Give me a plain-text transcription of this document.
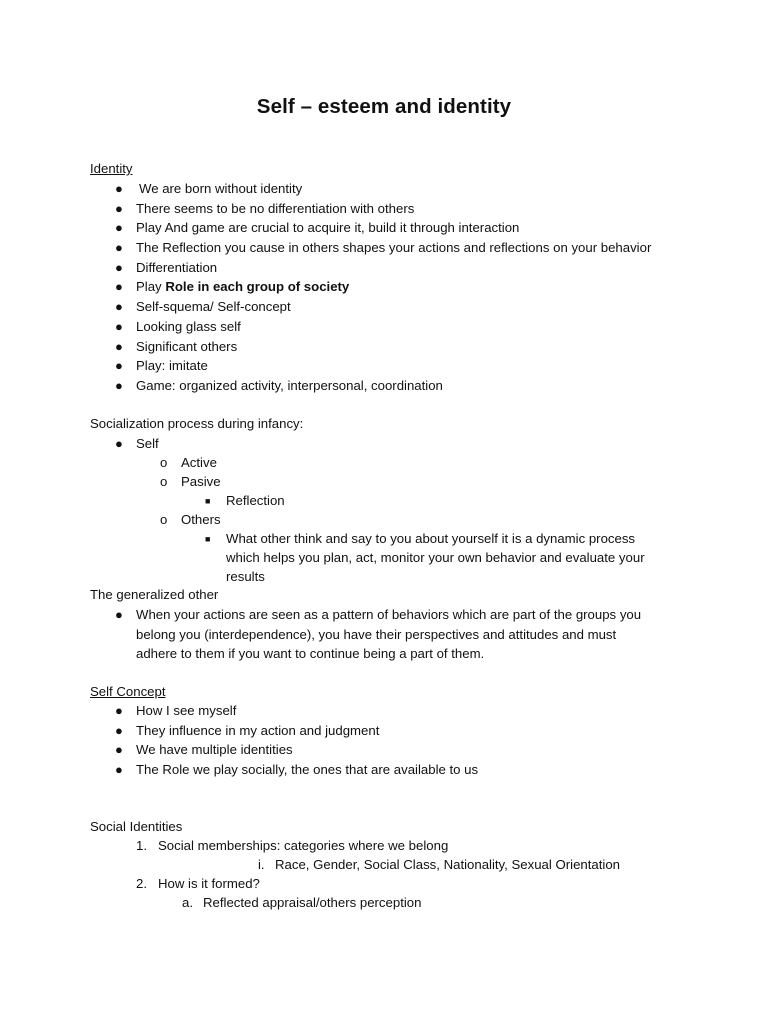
Self – esteem and identity
Identity
● We are born without identity
● There seems to be no differentiation with others
● Play And game are crucial to acquire it, build it through interaction
● The Reflection you cause in others shapes your actions and reflections on your behavior
● Differentiation
● Play Role in each group of society
● Self-squema/ Self-concept
● Looking glass self
● Significant others
● Play: imitate
● Game: organized activity, interpersonal, coordination
Socialization process during infancy:
● Self
o Active
o Pasive
■ Reflection
o Others
■ What other think and say to you about yourself it is a dynamic process
which helps you plan, act, monitor your own behavior and evaluate your
results
The generalized other
● When your actions are seen as a pattern of behaviors which are part of the groups you
belong you (interdependence), you have their perspectives and attitudes and must
adhere to them if you want to continue being a part of them.
Self Concept
● How I see myself
● They influence in my action and judgment
● We have multiple identities
● The Role we play socially, the ones that are available to us
Social Identities
1. Social memberships: categories where we belong
i. Race, Gender, Social Class, Nationality, Sexual Orientation
2. How is it formed?
a. Reflected appraisal/others perception
